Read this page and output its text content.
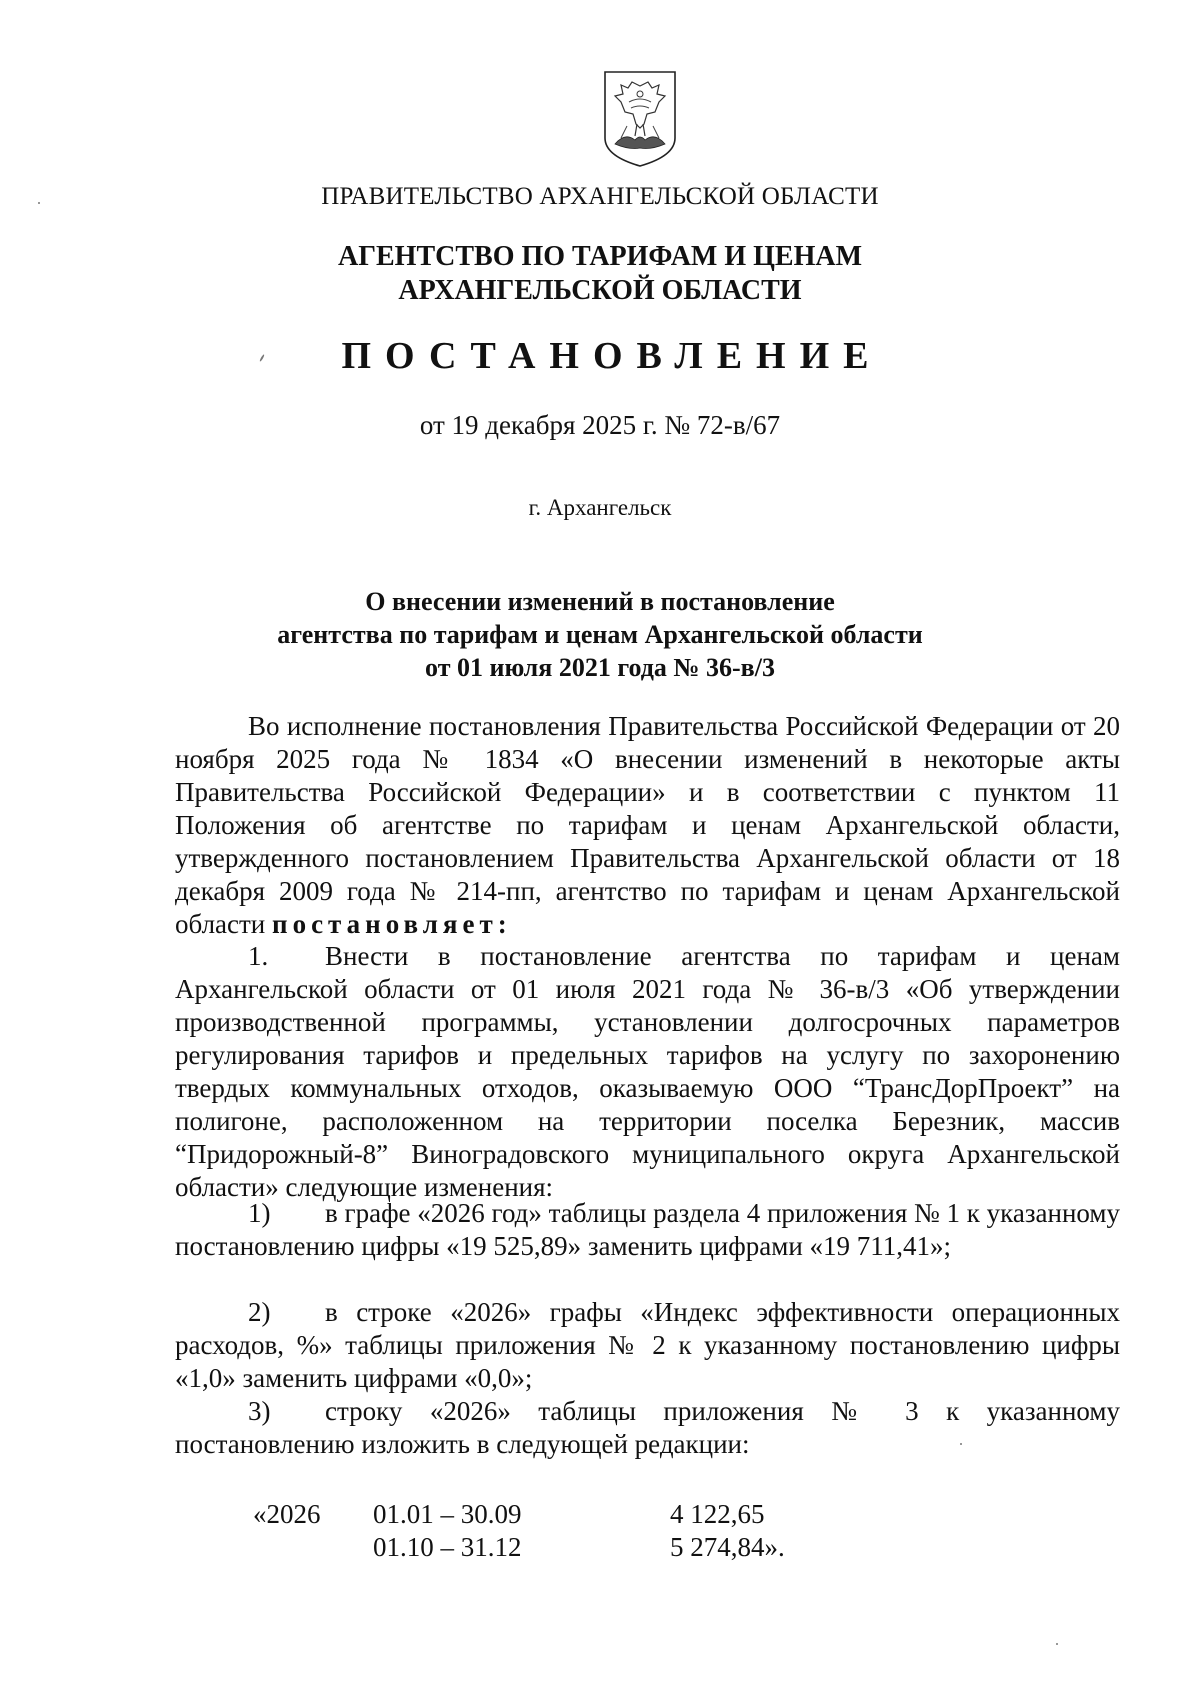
ПРАВИТЕЛЬСТВО АРХАНГЕЛЬСКОЙ ОБЛАСТИ
АГЕНТСТВО ПО ТАРИФАМ И ЦЕНАМ
АРХАНГЕЛЬСКОЙ ОБЛАСТИ
ПОСТАНОВЛЕНИЕ
от 19 декабря 2025 г. № 72-в/67
г. Архангельск
О внесении изменений в постановление
агентства по тарифам и ценам Архангельской области
от 01 июля 2021 года № 36-в/3
Во исполнение постановления Правительства Российской Федерации от 20 ноября 2025 года № 1834 «О внесении изменений в некоторые акты Правительства Российской Федерации» и в соответствии с пунктом 11 Положения об агентстве по тарифам и ценам Архангельской области, утвержденного постановлением Правительства Архангельской области от 18 декабря 2009 года № 214-пп, агентство по тарифам и ценам Архангельской области постановляет:
1. Внести в постановление агентства по тарифам и ценам Архангельской области от 01 июля 2021 года № 36-в/3 «Об утверждении производственной программы, установлении долгосрочных параметров регулирования тарифов и предельных тарифов на услугу по захоронению твердых коммунальных отходов, оказываемую ООО “ТрансДорПроект” на полигоне, расположенном на территории поселка Березник, массив “Придорожный-8” Виноградовского муниципального округа Архангельской области» следующие изменения:
1) в графе «2026 год» таблицы раздела 4 приложения № 1 к указанному постановлению цифры «19 525,89» заменить цифрами «19 711,41»;
2) в строке «2026» графы «Индекс эффективности операционных расходов, %» таблицы приложения № 2 к указанному постановлению цифры «1,0» заменить цифрами «0,0»;
3) строку «2026» таблицы приложения № 3 к указанному постановлению изложить в следующей редакции:
«2026 01.01 – 30.09	4 122,65
01.10 – 31.12	5 274,84».
